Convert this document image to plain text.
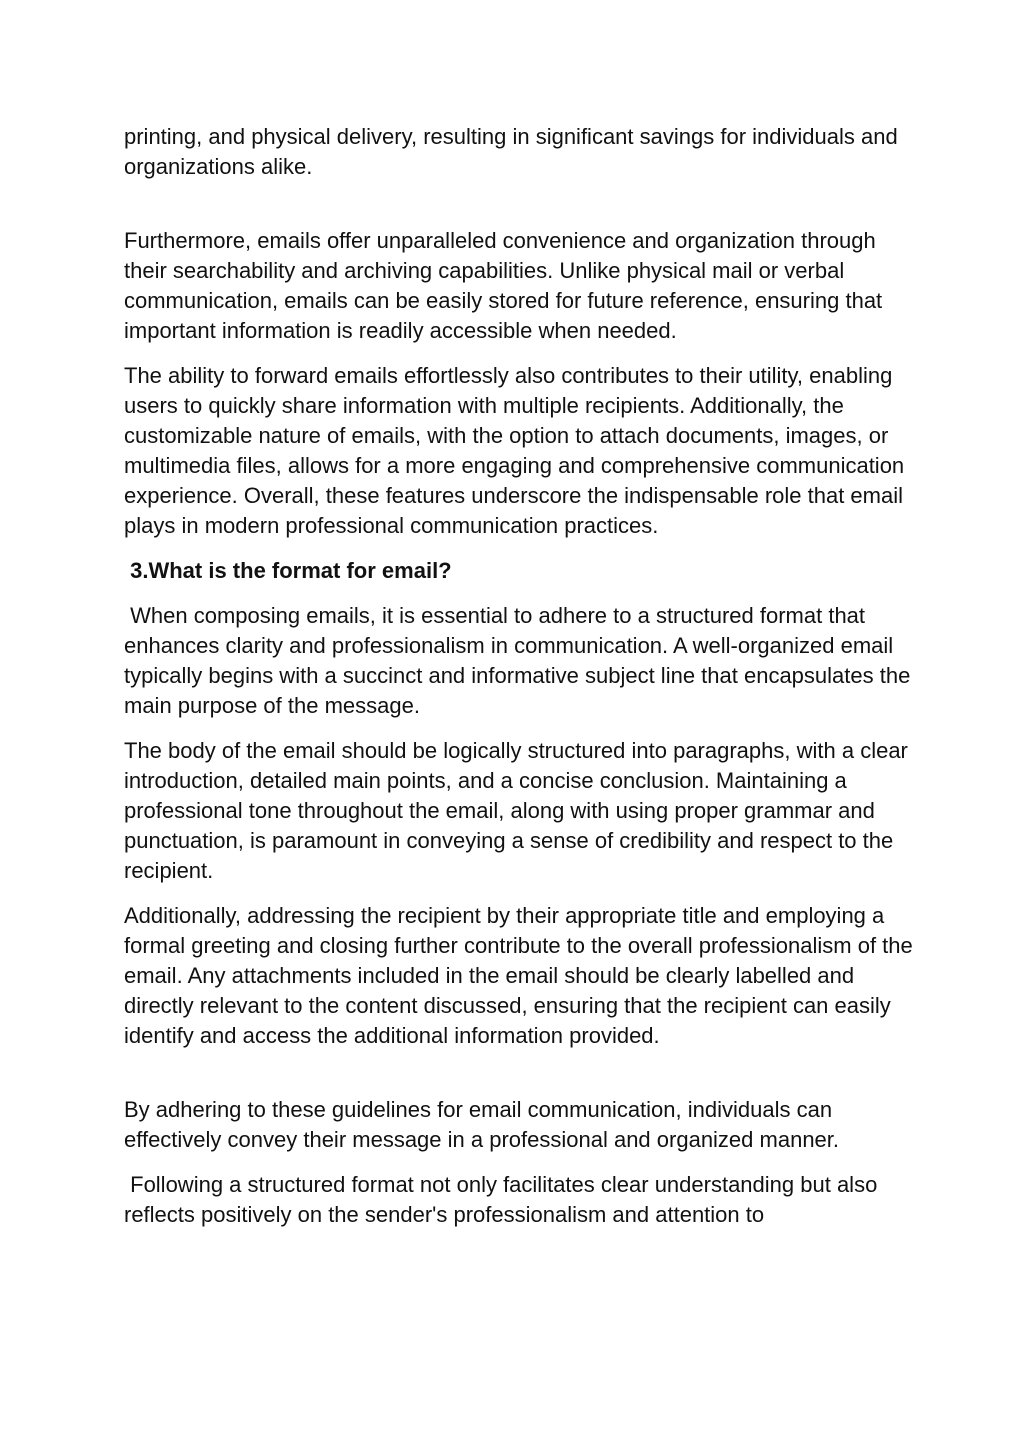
printing, and physical delivery, resulting in significant savings for individuals and organizations alike.

Furthermore, emails offer unparalleled convenience and organization through their searchability and archiving capabilities. Unlike physical mail or verbal communication, emails can be easily stored for future reference, ensuring that important information is readily accessible when needed.

The ability to forward emails effortlessly also contributes to their utility, enabling users to quickly share information with multiple recipients. Additionally, the customizable nature of emails, with the option to attach documents, images, or multimedia files, allows for a more engaging and comprehensive communication experience. Overall, these features underscore the indispensable role that email plays in modern professional communication practices.

3.What is the format for email?

When composing emails, it is essential to adhere to a structured format that enhances clarity and professionalism in communication. A well-organized email typically begins with a succinct and informative subject line that encapsulates the main purpose of the message.

The body of the email should be logically structured into paragraphs, with a clear introduction, detailed main points, and a concise conclusion. Maintaining a professional tone throughout the email, along with using proper grammar and punctuation, is paramount in conveying a sense of credibility and respect to the recipient.

Additionally, addressing the recipient by their appropriate title and employing a formal greeting and closing further contribute to the overall professionalism of the email. Any attachments included in the email should be clearly labelled and directly relevant to the content discussed, ensuring that the recipient can easily identify and access the additional information provided.

By adhering to these guidelines for email communication, individuals can effectively convey their message in a professional and organized manner.

Following a structured format not only facilitates clear understanding but also reflects positively on the sender's professionalism and attention to
